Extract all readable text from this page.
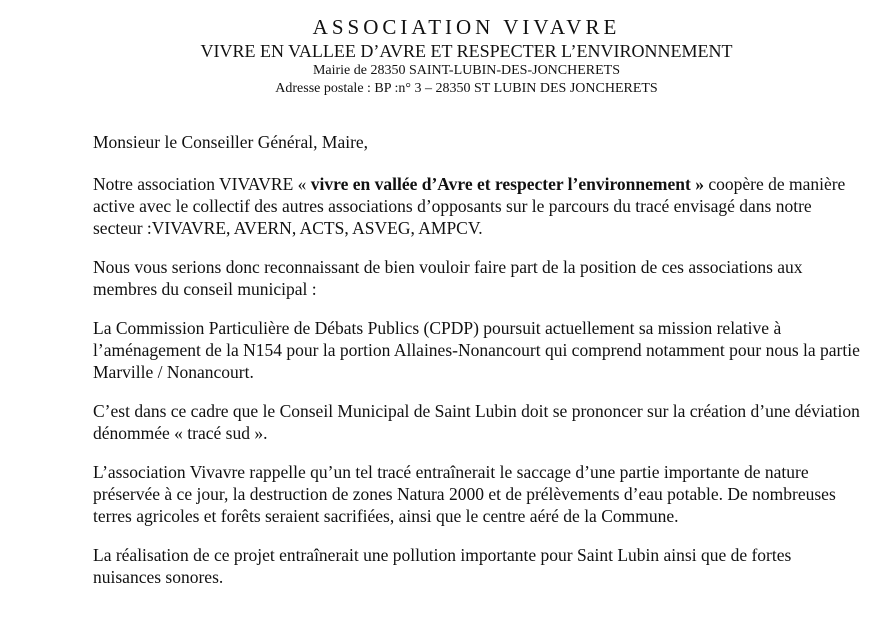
ASSOCIATION VIVAVRE
VIVRE EN VALLEE D’AVRE ET RESPECTER L’ENVIRONNEMENT
Mairie de 28350 SAINT-LUBIN-DES-JONCHERETS
Adresse postale : BP :n° 3 – 28350 ST LUBIN DES JONCHERETS

Monsieur le Conseiller Général, Maire,

Notre association VIVAVRE « vivre en vallée d’Avre et respecter l’environnement » coopère de manière active avec le collectif des autres associations d’opposants sur le parcours du tracé envisagé dans notre secteur :VIVAVRE, AVERN, ACTS, ASVEG, AMPCV.

Nous vous serions donc reconnaissant de bien vouloir faire part de la position de ces associations aux membres du conseil municipal :

La Commission Particulière de Débats Publics (CPDP) poursuit actuellement sa mission relative à l’aménagement de la N154 pour la portion Allaines-Nonancourt qui comprend notamment pour nous la partie Marville / Nonancourt.

C’est dans ce cadre que le Conseil Municipal de Saint Lubin doit se prononcer sur la création d’une déviation dénommée « tracé sud ».

L’association Vivavre rappelle qu’un tel tracé entraînerait le saccage d’une partie importante de nature préservée à ce jour, la destruction de zones Natura 2000 et de prélèvements d’eau potable. De nombreuses terres agricoles et forêts seraient sacrifiées, ainsi que le centre aéré de la Commune.

La réalisation de ce projet entraînerait une pollution importante pour Saint Lubin ainsi que de fortes nuisances sonores.
